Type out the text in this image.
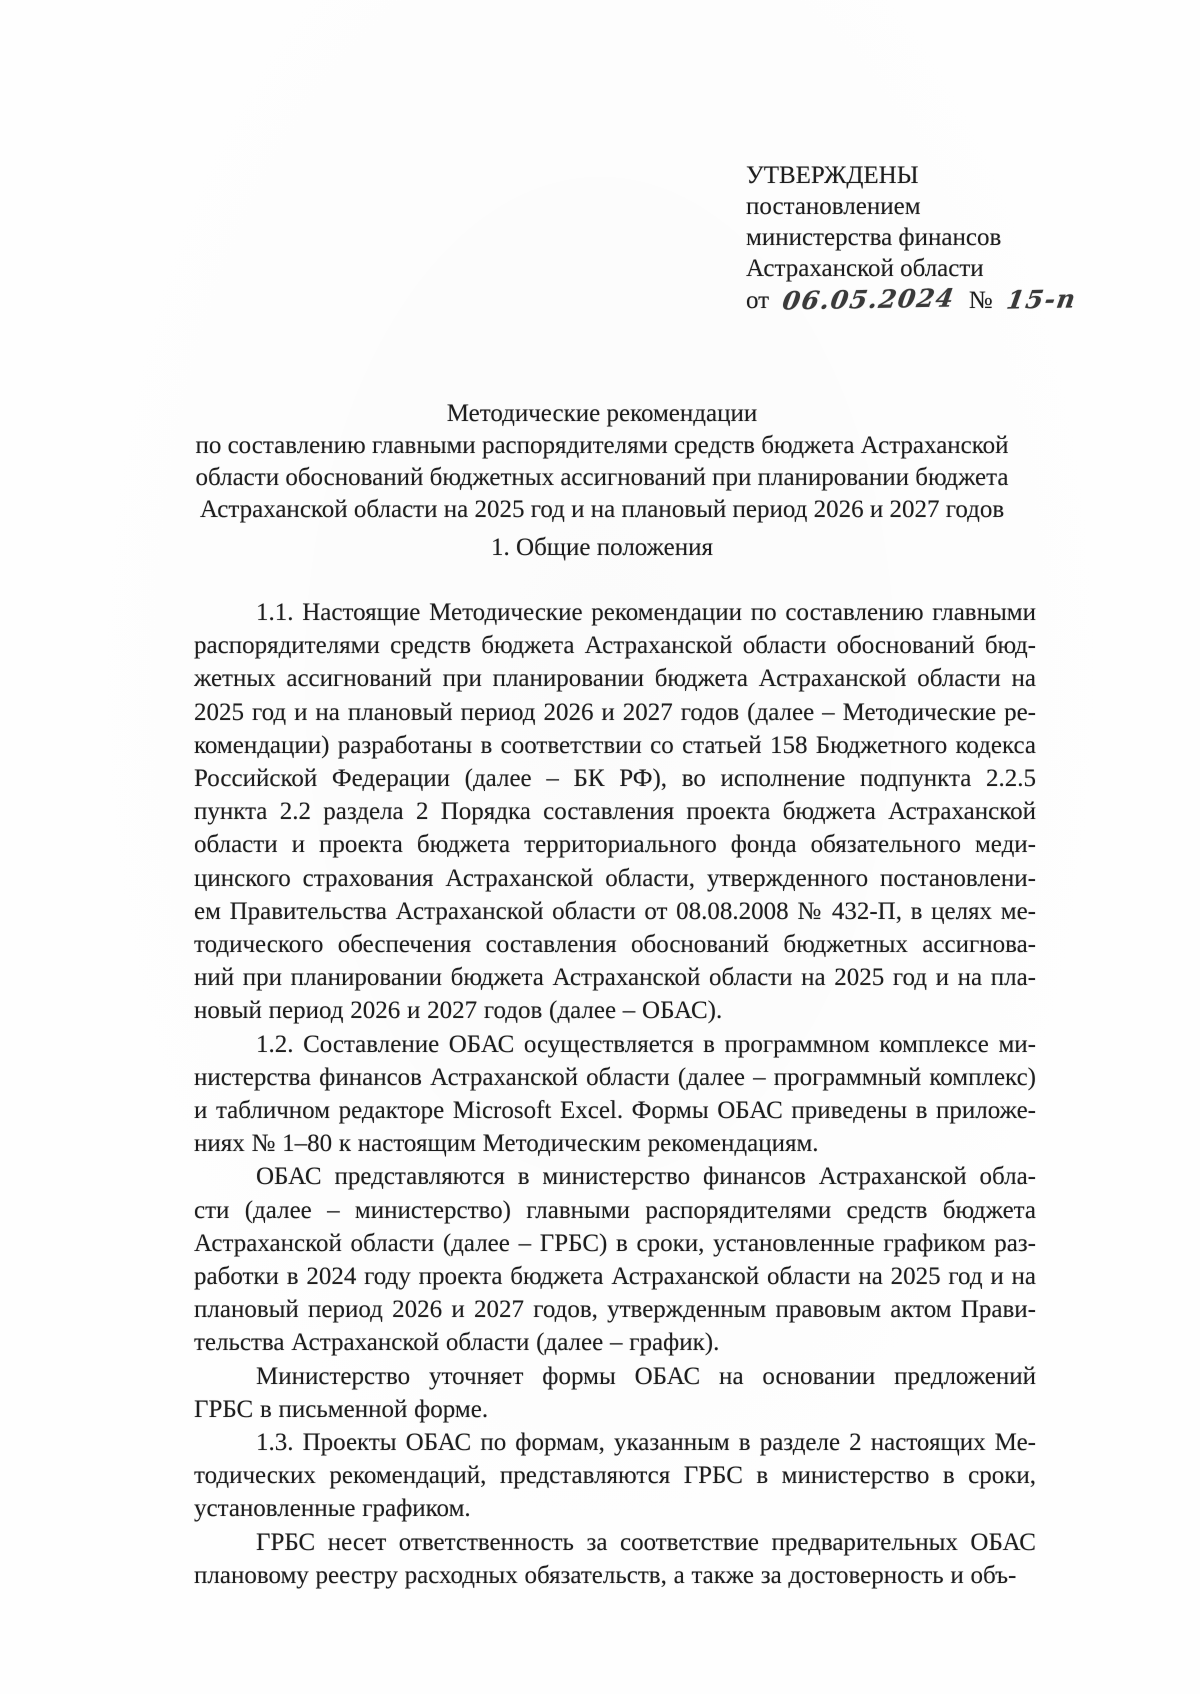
УТВЕРЖДЕНЫ
постановлением
министерства финансов
Астраханской области
от 06.05.2024 № 15-п
Методические рекомендации
по составлению главными распорядителями средств бюджета Астраханской
области обоснований бюджетных ассигнований при планировании бюджета
Астраханской области на 2025 год и на плановый период 2026 и 2027 годов
1. Общие положения
1.1. Настоящие Методические рекомендации по составлению главными
распорядителями средств бюджета Астраханской области обоснований бюд-
жетных ассигнований при планировании бюджета Астраханской области на
2025 год и на плановый период 2026 и 2027 годов (далее – Методические ре-
комендации) разработаны в соответствии со статьей 158 Бюджетного кодекса
Российской Федерации (далее – БК РФ), во исполнение подпункта 2.2.5
пункта 2.2 раздела 2 Порядка составления проекта бюджета Астраханской
области и проекта бюджета территориального фонда обязательного меди-
цинского страхования Астраханской области, утвержденного постановлени-
ем Правительства Астраханской области от 08.08.2008 № 432-П, в целях ме-
тодического обеспечения составления обоснований бюджетных ассигнова-
ний при планировании бюджета Астраханской области на 2025 год и на пла-
новый период 2026 и 2027 годов (далее – ОБАС).
1.2. Составление ОБАС осуществляется в программном комплексе ми-
нистерства финансов Астраханской области (далее – программный комплекс)
и табличном редакторе Microsoft Excel. Формы ОБАС приведены в приложе-
ниях № 1–80 к настоящим Методическим рекомендациям.
ОБАС представляются в министерство финансов Астраханской обла-
сти (далее – министерство) главными распорядителями средств бюджета
Астраханской области (далее – ГРБС) в сроки, установленные графиком раз-
работки в 2024 году проекта бюджета Астраханской области на 2025 год и на
плановый период 2026 и 2027 годов, утвержденным правовым актом Прави-
тельства Астраханской области (далее – график).
Министерство уточняет формы ОБАС на основании предложений
ГРБС в письменной форме.
1.3. Проекты ОБАС по формам, указанным в разделе 2 настоящих Ме-
тодических рекомендаций, представляются ГРБС в министерство в сроки,
установленные графиком.
ГРБС несет ответственность за соответствие предварительных ОБАС
плановому реестру расходных обязательств, а также за достоверность и объ-
